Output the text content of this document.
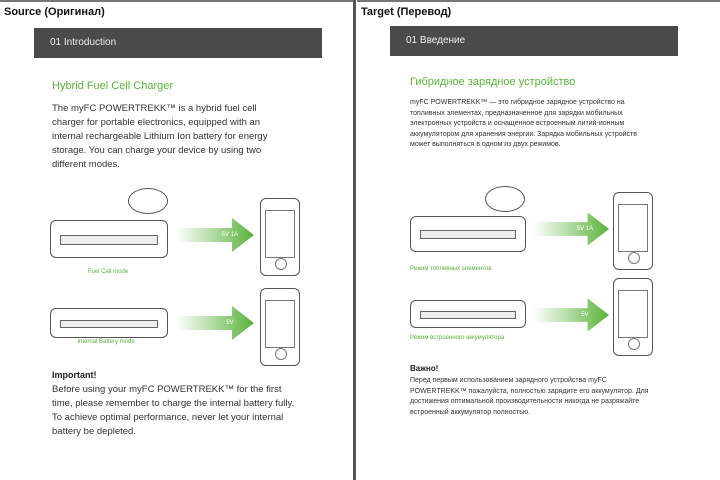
Source (Оригинал)
01 Introduction
Hybrid Fuel Cell Charger
The myFC POWERTREKK™ is a hybrid fuel cell charger for portable electronics, equipped with an internal rechargeable Lithium Ion battery for energy storage. You can charge your device by using two different modes.
5V 1A
Fuel Cell mode
5V
Internal Battery mode
Important!
Before using your myFC POWERTREKK™ for the first time, please remember to charge the internal battery fully. To achieve optimal performance, never let your internal battery be depleted.
Target (Перевод)
01 Введение
Гибридное зарядное устройство
myFC POWERTREKK™ — это гибридное зарядное устройство на топливных элементах, предназначенное для зарядки мобильных электронных устройств и оснащенное встроенным литий-ионным аккумулятором для хранения энергии. Зарядка мобильных устройств может выполняться в одном из двух режимов.
5V 1A
Режим топливных элементов
5V
Режим встроенного аккумулятора
Важно!
Перед первым использованием зарядного устройства myFC POWERTREKK™ пожалуйста, полностью зарядите его аккумулятор. Для достижения оптимальной производительности никогда не разряжайте встроенный аккумулятор полностью.
